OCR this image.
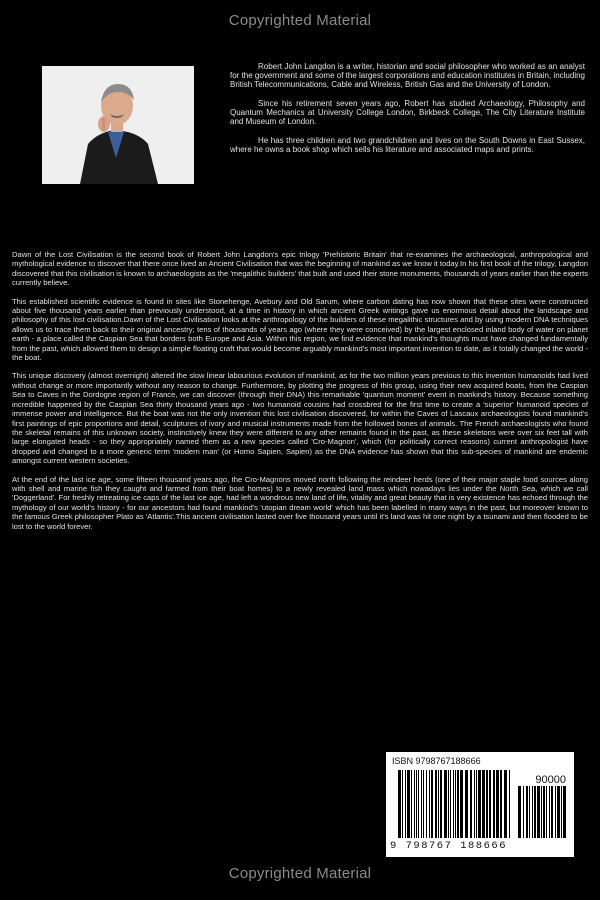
Copyrighted Material

Robert John Langdon is a writer, historian and social philosopher who worked as an analyst for the government and some of the largest corporations and education institutes in Britain, including British Telecommunications, Cable and Wireless, British Gas and the University of London.

Since his retirement seven years ago, Robert has studied Archaeology, Philosophy and Quantum Mechanics at University College London, Birkbeck College, The City Literature Institute and Museum of London.

He has three children and two grandchildren and lives on the South Downs in East Sussex, where he owns a book shop which sells his literature and associated maps and prints.

Dawn of the Lost Civilisation is the second book of Robert John Langdon's epic trilogy 'Prehistoric Britain' that re-examines the archaeological, anthropological and mythological evidence to discover that there once lived an Ancient Civilisation that was the beginning of mankind as we know it today.In his first book of the trilogy, Langdon discovered that this civilisation is known to archaeologists as the 'megalithic builders' that built and used their stone monuments, thousands of years earlier than the experts currently believe.

This established scientific evidence is found in sites like Stonehenge, Avebury and Old Sarum, where carbon dating has now shown that these sites were constructed about five thousand years earlier than previously understood, at a time in history in which ancient Greek writings gave us enormous detail about the landscape and philosophy of this lost civilisation.Dawn of the Lost Civilisation looks at the anthropology of the builders of these megalithic structures and by using modern DNA techniques allows us to trace them back to their original ancestry; tens of thousands of years ago (where they were conceived) by the largest enclosed inland body of water on planet earth - a place called the Caspian Sea that borders both Europe and Asia. Within this region, we find evidence that mankind's thoughts must have changed fundamentally from the past, which allowed them to design a simple floating craft that would become arguably mankind's most important invention to date, as it totally changed the world - the boat.

This unique discovery (almost overnight) altered the slow linear labourious evolution of mankind, as for the two million years previous to this invention humanoids had lived without change or more importantly without any reason to change. Furthermore, by plotting the progress of this group, using their new acquired boats, from the Caspian Sea to Caves in the Dordogne region of France, we can discover (through their DNA) this remarkable 'quantum moment' event in mankind's history. Because something incredible happened by the Caspian Sea thirty thousand years ago - two humanoid cousins had crossbred for the first time to create a 'superior' humanoid species of immense power and intelligence. But the boat was not the only invention this lost civilisation discovered, for within the Caves of Lascaux archaeologists found mankind's first paintings of epic proportions and detail, sculptures of ivory and musical instruments made from the hollowed bones of animals. The French archaeologists who found the skeletal remains of this unknown society, instinctively knew they were different to any other remains found in the past, as these skeletons were over six feet tall with large elongated heads - so they appropriately named them as a new species called 'Cro-Magnon', which (for politically correct reasons) current anthropologist have dropped and changed to a more generic term 'modern man' (or Homo Sapien, Sapien) as the DNA evidence has shown that this sub-species of mankind are endemic amongst current western societies.

At the end of the last ice age, some fifteen thousand years ago, the Cro-Magnons moved north following the reindeer herds (one of their major staple food sources along with shell and marine fish they caught and farmed from their boat homes) to a newly revealed land mass which nowadays lies under the North Sea, which we call 'Doggerland'. For freshly retreating ice caps of the last ice age, had left a wondrous new land of life, vitality and great beauty that is very existence has echoed through the mythology of our world's history - for our ancestors had found mankind's 'utopian dream world' which has been labelled in many ways in the past, but moreover known to the famous Greek philosopher Plato as 'Atlantis'.This ancient civilisation lasted over five thousand years until it's land was hit one night by a tsunami and then flooded to be lost to the world forever.

ISBN 9798767188666
90000
9 798767 188666
Copyrighted Material
